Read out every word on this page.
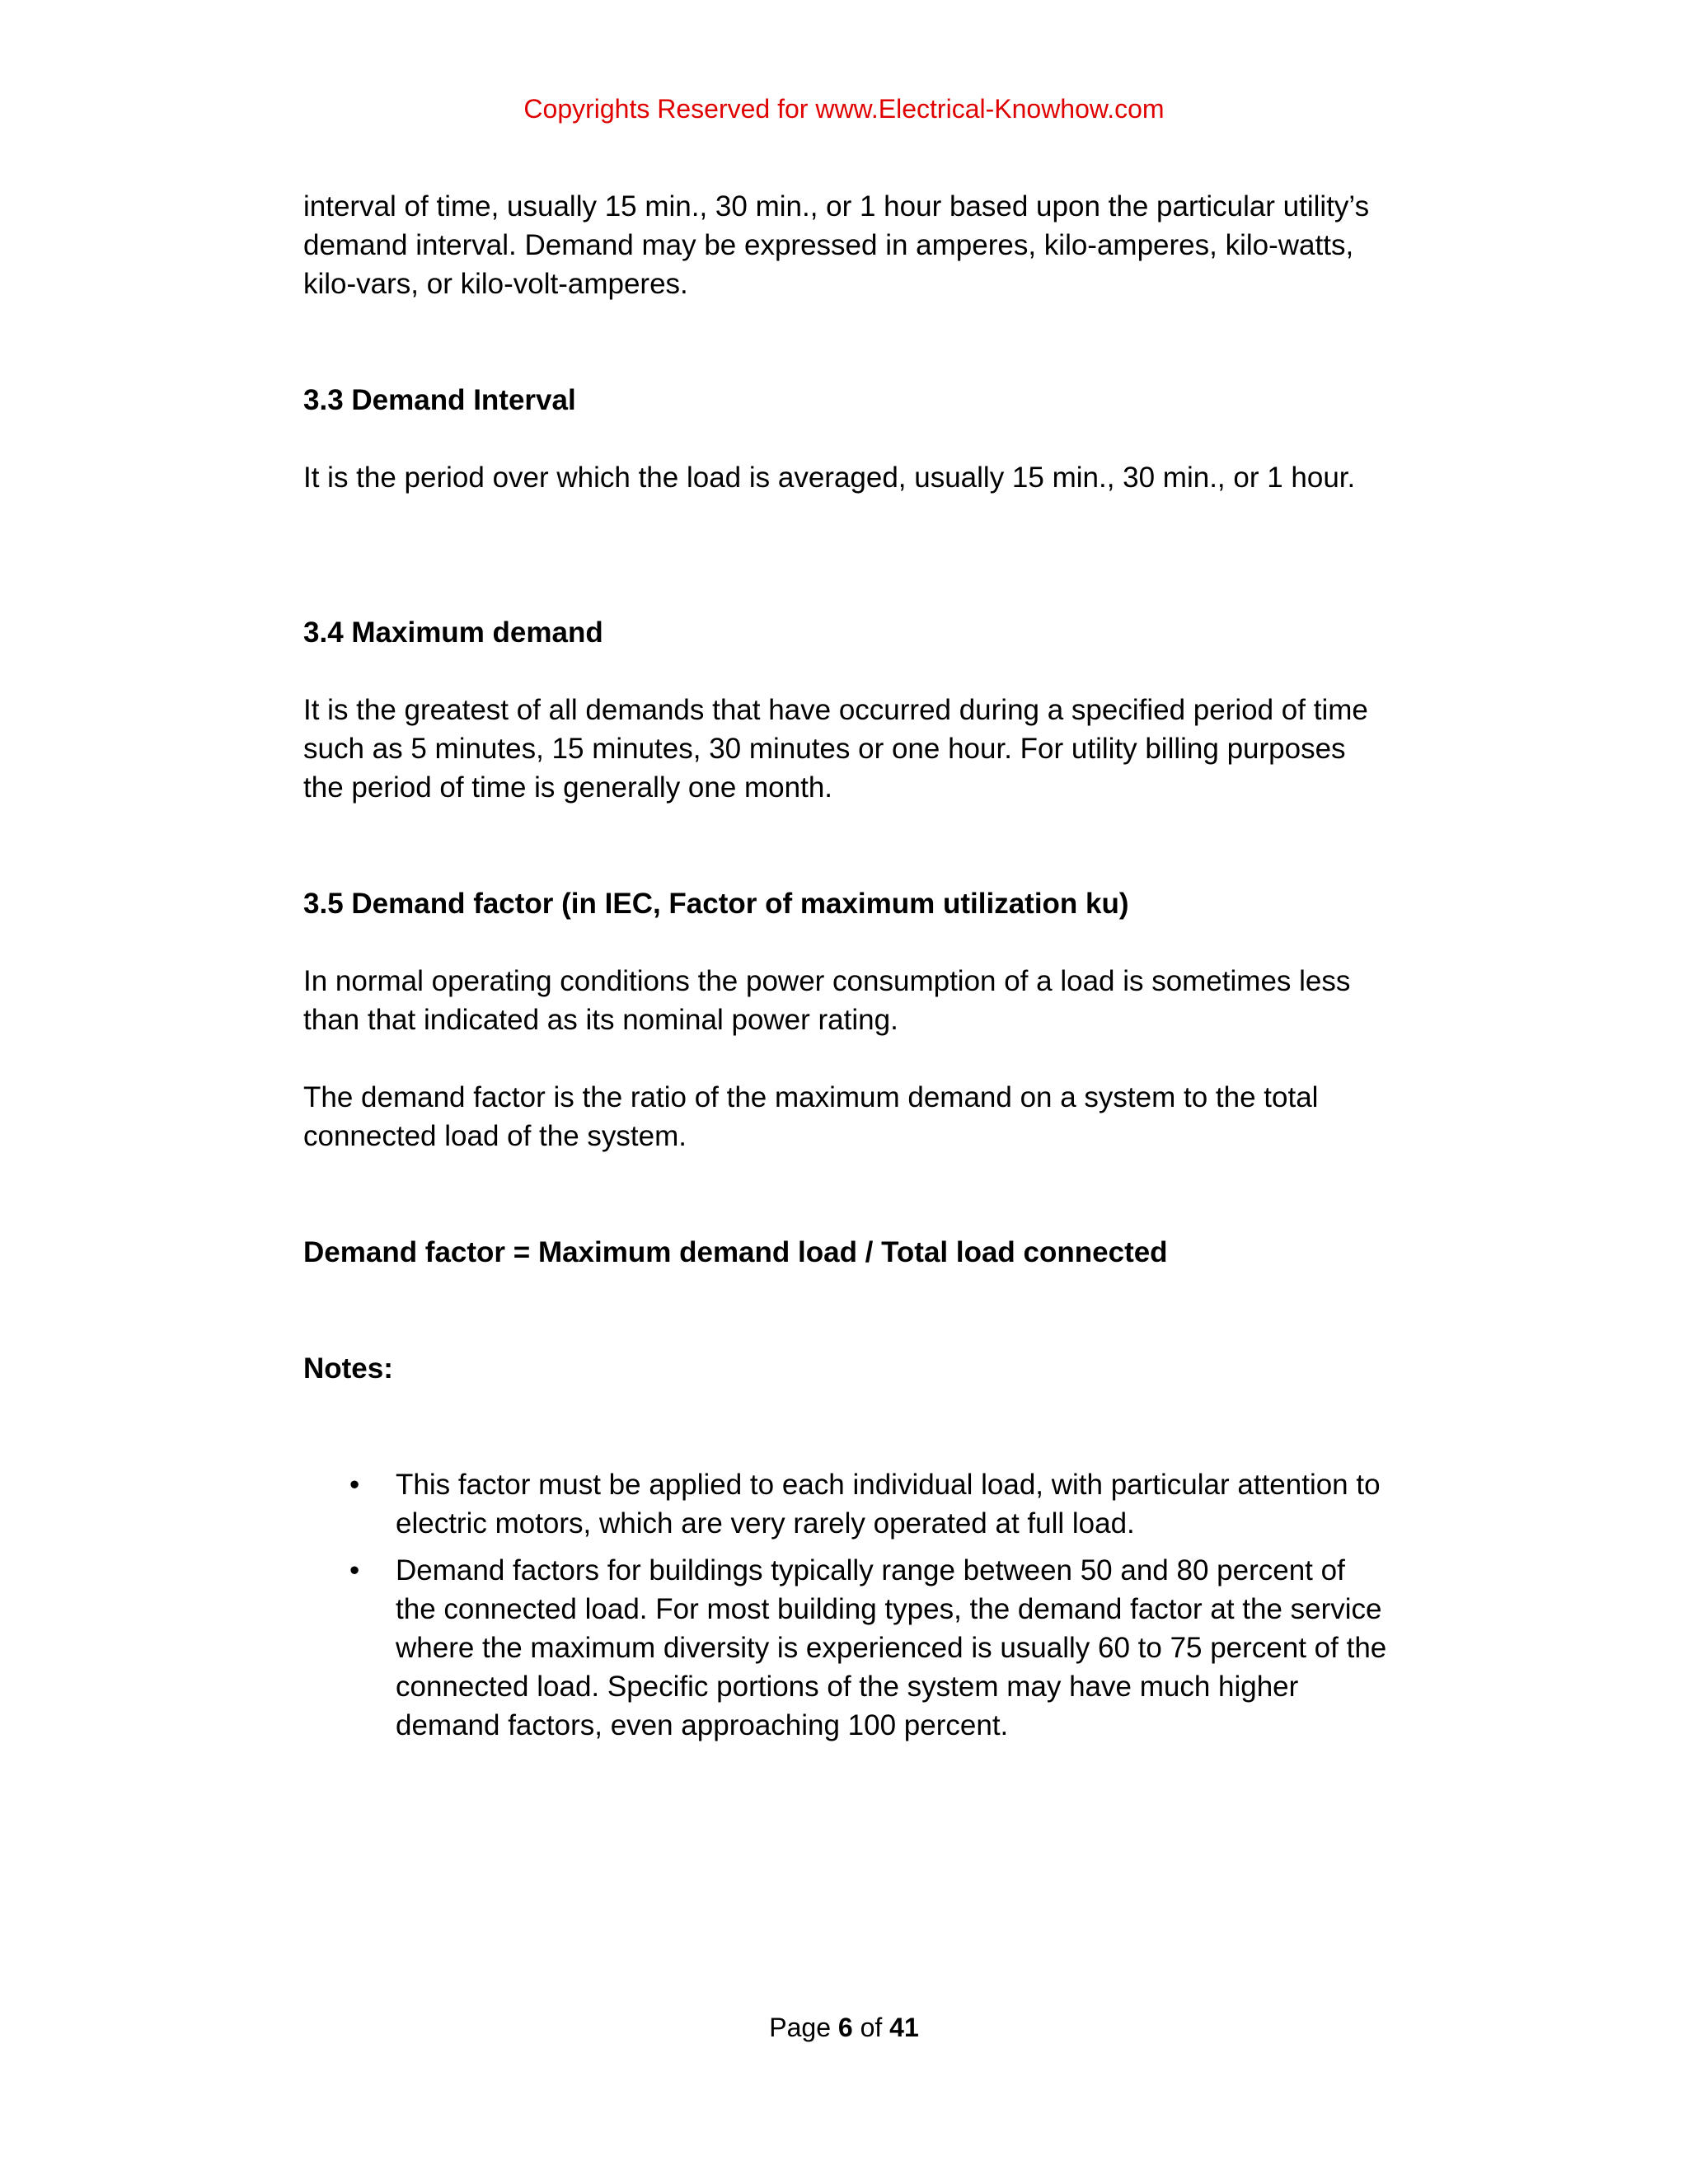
Copyrights Reserved for www.Electrical-Knowhow.com

interval of time, usually 15 min., 30 min., or 1 hour based upon the particular utility’s demand interval. Demand may be expressed in amperes, kilo-amperes, kilo-watts, kilo-vars, or kilo-volt-amperes.

3.3 Demand Interval

It is the period over which the load is averaged, usually 15 min., 30 min., or 1 hour.

3.4 Maximum demand

It is the greatest of all demands that have occurred during a specified period of time such as 5 minutes, 15 minutes, 30 minutes or one hour. For utility billing purposes the period of time is generally one month.

3.5 Demand factor (in IEC, Factor of maximum utilization ku)

In normal operating conditions the power consumption of a load is sometimes less than that indicated as its nominal power rating.

The demand factor is the ratio of the maximum demand on a system to the total connected load of the system.

Demand factor = Maximum demand load / Total load connected

Notes:

• This factor must be applied to each individual load, with particular attention to electric motors, which are very rarely operated at full load.
• Demand factors for buildings typically range between 50 and 80 percent of the connected load. For most building types, the demand factor at the service where the maximum diversity is experienced is usually 60 to 75 percent of the connected load. Specific portions of the system may have much higher demand factors, even approaching 100 percent.
Page 6 of 41
